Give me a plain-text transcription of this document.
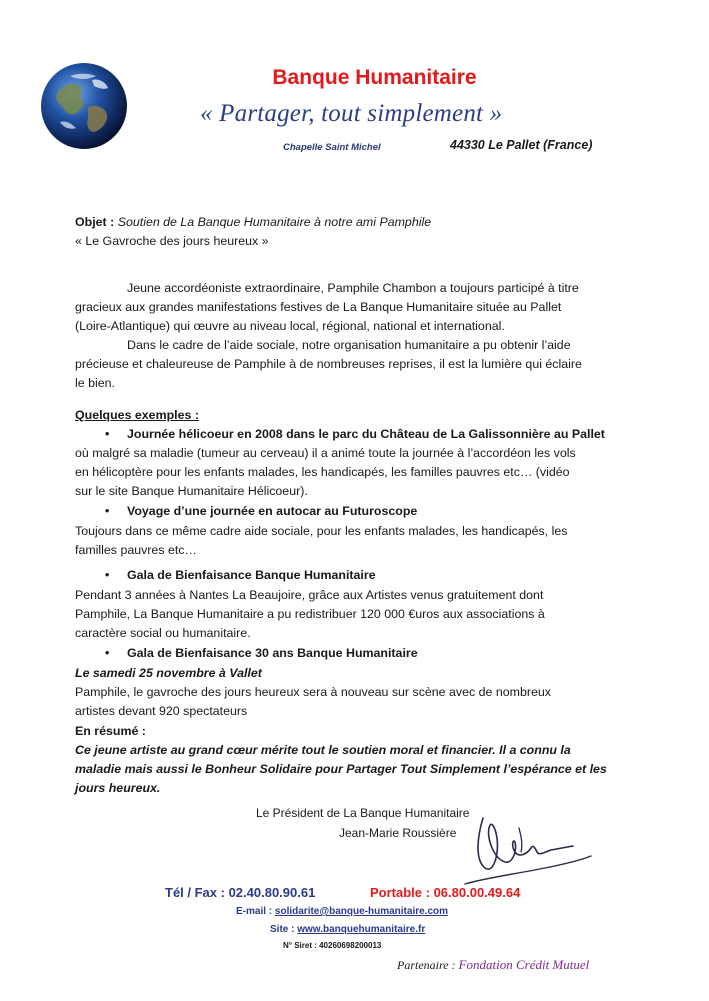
Banque Humanitaire
« Partager, tout simplement »
Chapelle Saint Michel	44330 Le Pallet (France)
Objet : Soutien de La Banque Humanitaire à notre ami Pamphile
« Le Gavroche des jours heureux »
Jeune accordéoniste extraordinaire, Pamphile Chambon a toujours participé à titre
gracieux aux grandes manifestations festives de La Banque Humanitaire située au Pallet
(Loire-Atlantique) qui œuvre au niveau local, régional, national et international.
Dans le cadre de l’aide sociale, notre organisation humanitaire a pu obtenir l’aide
précieuse et chaleureuse de Pamphile à de nombreuses reprises, il est la lumière qui éclaire
le bien.
Quelques exemples :
• Journée hélicoeur en 2008 dans le parc du Château de La Galissonnière au Pallet
où malgré sa maladie (tumeur au cerveau) il a animé toute la journée à l’accordéon les vols
en hélicoptère pour les enfants malades, les handicapés, les familles pauvres etc… (vidéo
sur le site Banque Humanitaire Hélicoeur).
• Voyage d’une journée en autocar au Futuroscope
Toujours dans ce même cadre aide sociale, pour les enfants malades, les handicapés, les
familles pauvres etc…
• Gala de Bienfaisance Banque Humanitaire
Pendant 3 années à Nantes La Beaujoire, grâce aux Artistes venus gratuitement dont
Pamphile, La Banque Humanitaire a pu redistribuer 120 000 €uros aux associations à
caractère social ou humanitaire.
• Gala de Bienfaisance 30 ans Banque Humanitaire
Le samedi 25 novembre à Vallet
Pamphile, le gavroche des jours heureux sera à nouveau sur scène avec de nombreux
artistes devant 920 spectateurs
En résumé :
Ce jeune artiste au grand cœur mérite tout le soutien moral et financier. Il a connu la
maladie mais aussi le Bonheur Solidaire pour Partager Tout Simplement l’espérance et les
jours heureux.
Le Président de La Banque Humanitaire
Jean-Marie Roussière
Tél / Fax : 02.40.80.90.61	Portable : 06.80.00.49.64
E-mail : solidarite@banque-humanitaire.com
Site : www.banquehumanitaire.fr
N° Siret : 40260698200013
Partenaire : Fondation Crédit Mutuel
